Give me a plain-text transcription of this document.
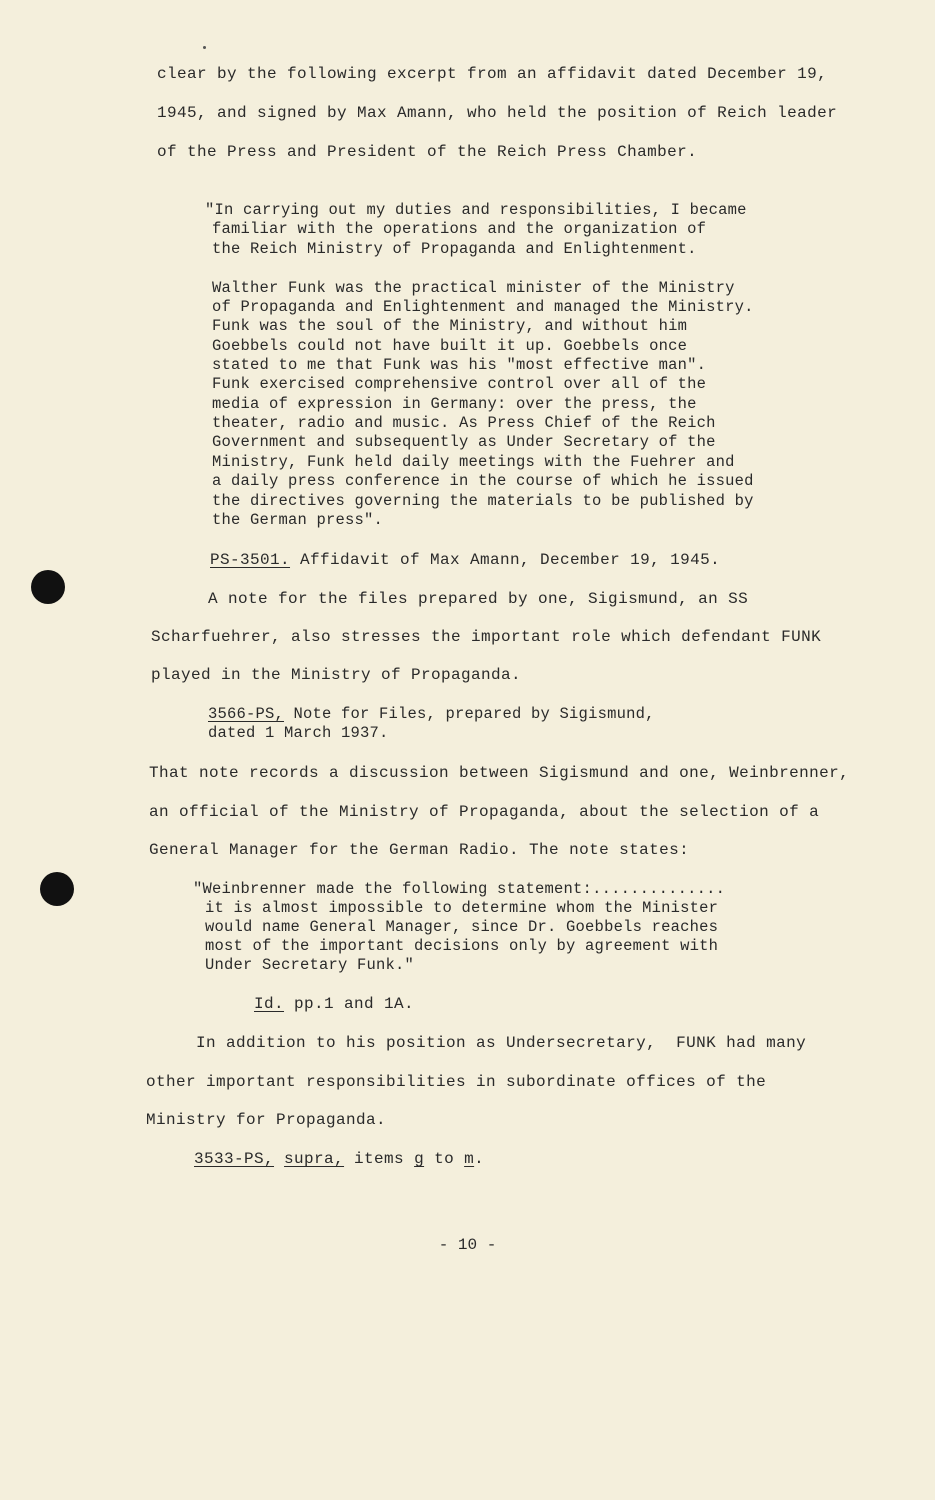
clear by the following excerpt from an affidavit dated December 19,
1945, and signed by Max Amann, who held the position of Reich leader
of the Press and President of the Reich Press Chamber.
"In carrying out my duties and responsibilities, I became
familiar with the operations and the organization of
the Reich Ministry of Propaganda and Enlightenment.
Walther Funk was the practical minister of the Ministry
of Propaganda and Enlightenment and managed the Ministry.
Funk was the soul of the Ministry, and without him
Goebbels could not have built it up. Goebbels once
stated to me that Funk was his "most effective man".
Funk exercised comprehensive control over all of the
media of expression in Germany: over the press, the
theater, radio and music. As Press Chief of the Reich
Government and subsequently as Under Secretary of the
Ministry, Funk held daily meetings with the Fuehrer and
a daily press conference in the course of which he issued
the directives governing the materials to be published by
the German press".
PS-3501. Affidavit of Max Amann, December 19, 1945.
A note for the files prepared by one, Sigismund, an SS
Scharfuehrer, also stresses the important role which defendant FUNK
played in the Ministry of Propaganda.
3566-PS, Note for Files, prepared by Sigismund,
dated 1 March 1937.
That note records a discussion between Sigismund and one, Weinbrenner,
an official of the Ministry of Propaganda, about the selection of a
General Manager for the German Radio. The note states:
"Weinbrenner made the following statement:..............
it is almost impossible to determine whom the Minister
would name General Manager, since Dr. Goebbels reaches
most of the important decisions only by agreement with
Under Secretary Funk."
Id. pp.1 and 1A.
In addition to his position as Undersecretary,  FUNK had many
other important responsibilities in subordinate offices of the
Ministry for Propaganda.
3533-PS, supra, items g to m.
- 10 -
